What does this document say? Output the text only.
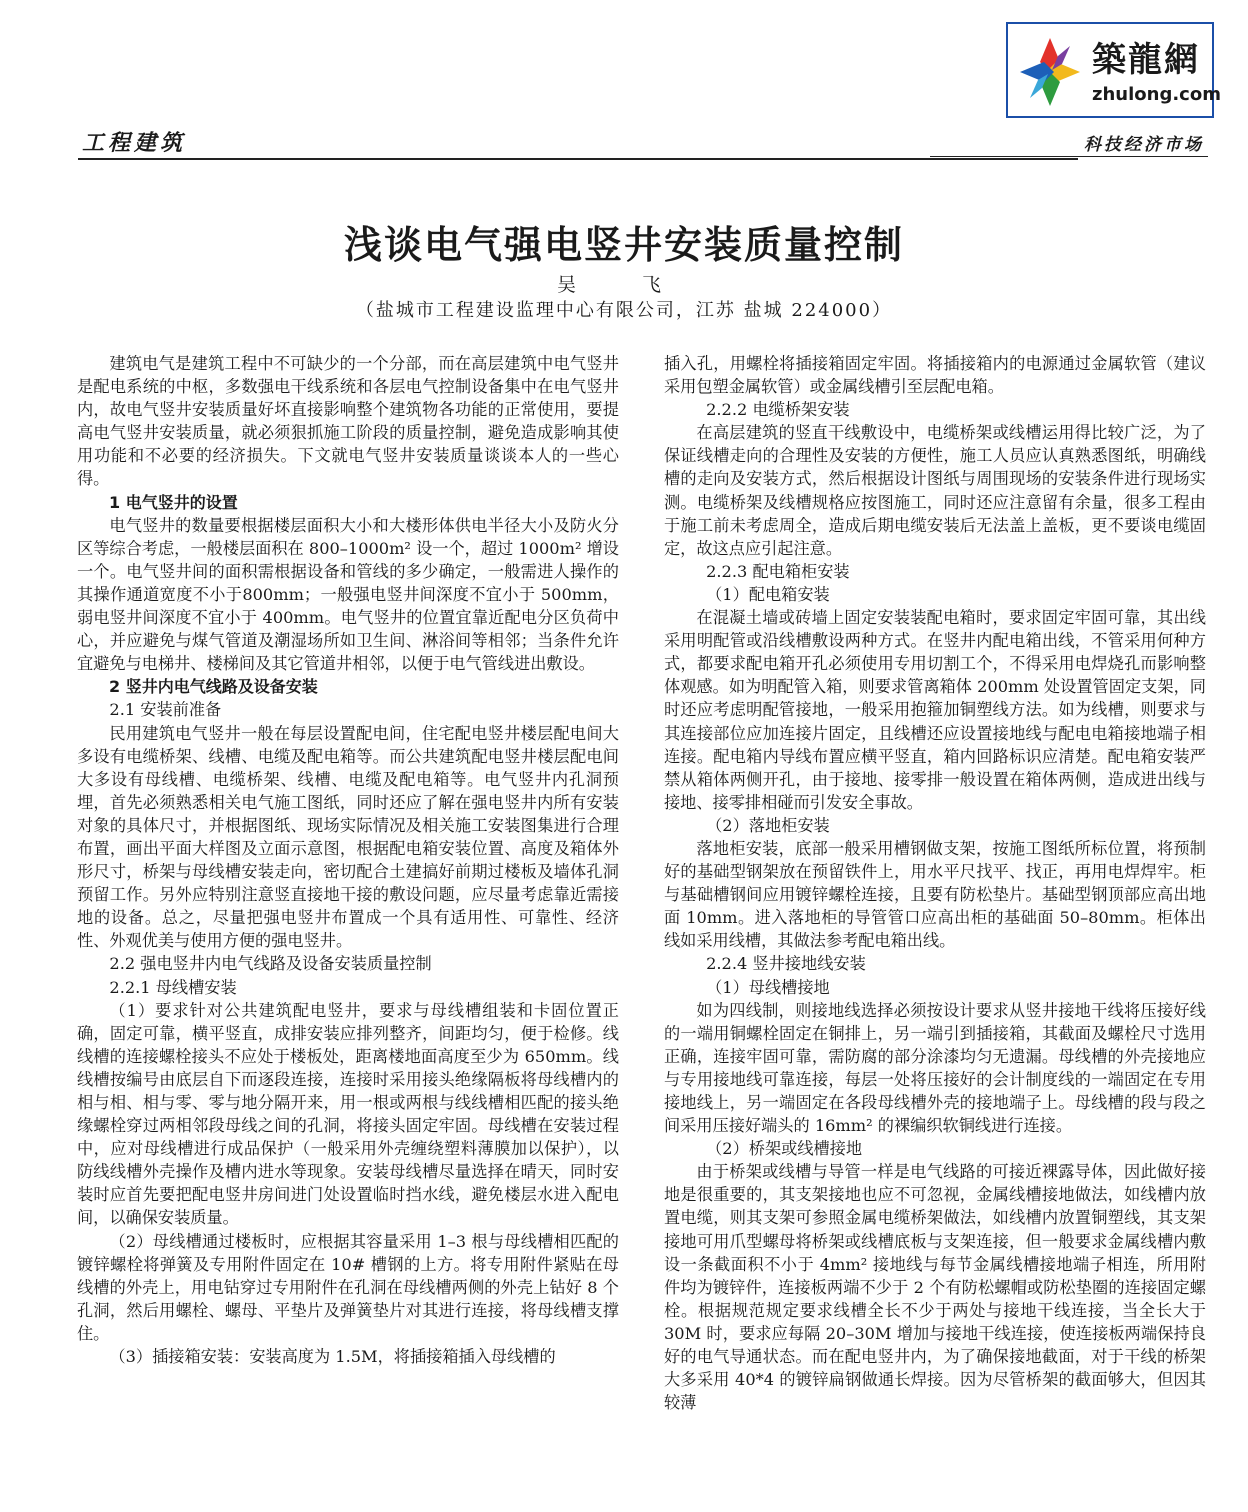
工程建筑	科技经济市场
築龍網
zhulong.com
浅谈电气强电竖井安装质量控制
吴 飞
（盐城市工程建设监理中心有限公司，江苏 盐城 224000）

建筑电气是建筑工程中不可缺少的一个分部，而在高层建筑中电气竖井是配电系统的中枢，多数强电干线系统和各层电气控制设备集中在电气竖井内，故电气竖井安装质量好坏直接影响整个建筑物各功能的正常使用，要提高电气竖井安装质量，就必须狠抓施工阶段的质量控制，避免造成影响其使用功能和不必要的经济损失。下文就电气竖井安装质量谈谈本人的一些心得。

1 电气竖井的设置

电气竖井的数量要根据楼层面积大小和大楼形体供电半径大小及防火分区等综合考虑，一般楼层面积在 800–1000m² 设一个，超过 1000m² 增设一个。电气竖井间的面积需根据设备和管线的多少确定，一般需进人操作的其操作通道宽度不小于800mm；一般强电竖井间深度不宜小于 500mm，弱电竖井间深度不宜小于 400mm。电气竖井的位置宜靠近配电分区负荷中心，并应避免与煤气管道及潮湿场所如卫生间、淋浴间等相邻；当条件允许宜避免与电梯井、楼梯间及其它管道井相邻，以便于电气管线进出敷设。

2 竖井内电气线路及设备安装

2.1 安装前准备

民用建筑电气竖井一般在每层设置配电间，住宅配电竖井楼层配电间大多设有电缆桥架、线槽、电缆及配电箱等。而公共建筑配电竖井楼层配电间大多设有母线槽、电缆桥架、线槽、电缆及配电箱等。电气竖井内孔洞预埋，首先必须熟悉相关电气施工图纸，同时还应了解在强电竖井内所有安装对象的具体尺寸，并根据图纸、现场实际情况及相关施工安装图集进行合理布置，画出平面大样图及立面示意图，根据配电箱安装位置、高度及箱体外形尺寸，桥架与母线槽安装走向，密切配合土建搞好前期过楼板及墙体孔洞预留工作。另外应特别注意竖直接地干接的敷设问题，应尽量考虑靠近需接地的设备。总之，尽量把强电竖井布置成一个具有适用性、可靠性、经济性、外观优美与使用方便的强电竖井。

2.2 强电竖井内电气线路及设备安装质量控制

2.2.1 母线槽安装

（1）要求针对公共建筑配电竖井，要求与母线槽组装和卡固位置正确，固定可靠，横平竖直，成排安装应排列整齐，间距均匀，便于检修。线线槽的连接螺栓接头不应处于楼板处，距离楼地面高度至少为 650mm。线线槽按编号由底层自下而逐段连接，连接时采用接头绝缘隔板将母线槽内的相与相、相与零、零与地分隔开来，用一根或两根与线线槽相匹配的接头绝缘螺栓穿过两相邻段母线之间的孔洞，将接头固定牢固。母线槽在安装过程中，应对母线槽进行成品保护（一般采用外壳缠绕塑料薄膜加以保护），以防线线槽外壳操作及槽内进水等现象。安装母线槽尽量选择在晴天，同时安装时应首先要把配电竖井房间进门处设置临时挡水线，避免楼层水进入配电间，以确保安装质量。

（2）母线槽通过楼板时，应根据其容量采用 1–3 根与母线槽相匹配的镀锌螺栓将弹簧及专用附件固定在 10# 槽钢的上方。将专用附件紧贴在母线槽的外壳上，用电钻穿过专用附件在孔洞在母线槽两侧的外壳上钻好 8 个孔洞，然后用螺栓、螺母、平垫片及弹簧垫片对其进行连接，将母线槽支撑住。

（3）插接箱安装：安装高度为 1.5M，将插接箱插入母线槽的

插入孔，用螺栓将插接箱固定牢固。将插接箱内的电源通过金属软管（建议采用包塑金属软管）或金属线槽引至层配电箱。

2.2.2 电缆桥架安装

在高层建筑的竖直干线敷设中，电缆桥架或线槽运用得比较广泛，为了保证线槽走向的合理性及安装的方便性，施工人员应认真熟悉图纸，明确线槽的走向及安装方式，然后根据设计图纸与周围现场的安装条件进行现场实测。电缆桥架及线槽规格应按图施工，同时还应注意留有余量，很多工程由于施工前未考虑周全，造成后期电缆安装后无法盖上盖板，更不要谈电缆固定，故这点应引起注意。

2.2.3 配电箱柜安装

（1）配电箱安装

在混凝土墙或砖墙上固定安装装配电箱时，要求固定牢固可靠，其出线采用明配管或沿线槽敷设两种方式。在竖井内配电箱出线，不管采用何种方式，都要求配电箱开孔必须使用专用切割工个，不得采用电焊烧孔而影响整体观感。如为明配管入箱，则要求管离箱体 200mm 处设置管固定支架，同时还应考虑明配管接地，一般采用抱箍加铜塑线方法。如为线槽，则要求与其连接部位应加连接片固定，且线槽还应设置接地线与配电电箱接地端子相连接。配电箱内导线布置应横平竖直，箱内回路标识应清楚。配电箱安装严禁从箱体两侧开孔，由于接地、接零排一般设置在箱体两侧，造成进出线与接地、接零排相碰而引发安全事故。

（2）落地柜安装

落地柜安装，底部一般采用槽钢做支架，按施工图纸所标位置，将预制好的基础型钢架放在预留铁件上，用水平尺找平、找正，再用电焊焊牢。柜与基础槽钢间应用镀锌螺栓连接，且要有防松垫片。基础型钢顶部应高出地面 10mm。进入落地柜的导管管口应高出柜的基础面 50–80mm。柜体出线如采用线槽，其做法参考配电箱出线。

2.2.4 竖井接地线安装

（1）母线槽接地

如为四线制，则接地线选择必须按设计要求从竖井接地干线将压接好线的一端用铜螺栓固定在铜排上，另一端引到插接箱，其截面及螺栓尺寸选用正确，连接牢固可靠，需防腐的部分涂漆均匀无遗漏。母线槽的外壳接地应与专用接地线可靠连接，每层一处将压接好的会计制度线的一端固定在专用接地线上，另一端固定在各段母线槽外壳的接地端子上。母线槽的段与段之间采用压接好端头的 16mm² 的裸编织软铜线进行连接。

（2）桥架或线槽接地

由于桥架或线槽与导管一样是电气线路的可接近裸露导体，因此做好接地是很重要的，其支架接地也应不可忽视，金属线槽接地做法，如线槽内放置电缆，则其支架可参照金属电缆桥架做法，如线槽内放置铜塑线，其支架接地可用爪型螺母将桥架或线槽底板与支架连接，但一般要求金属线槽内敷设一条截面积不小于 4mm² 接地线与每节金属线槽接地端子相连，所用附件均为镀锌件，连接板两端不少于 2 个有防松螺帽或防松垫圈的连接固定螺栓。根据规范规定要求线槽全长不少于两处与接地干线连接，当全长大于 30M 时，要求应每隔 20–30M 增加与接地干线连接，使连接板两端保持良好的电气导通状态。而在配电竖井内，为了确保接地截面，对于干线的桥架大多采用 40*4 的镀锌扁钢做通长焊接。因为尽管桥架的截面够大，但因其较薄
